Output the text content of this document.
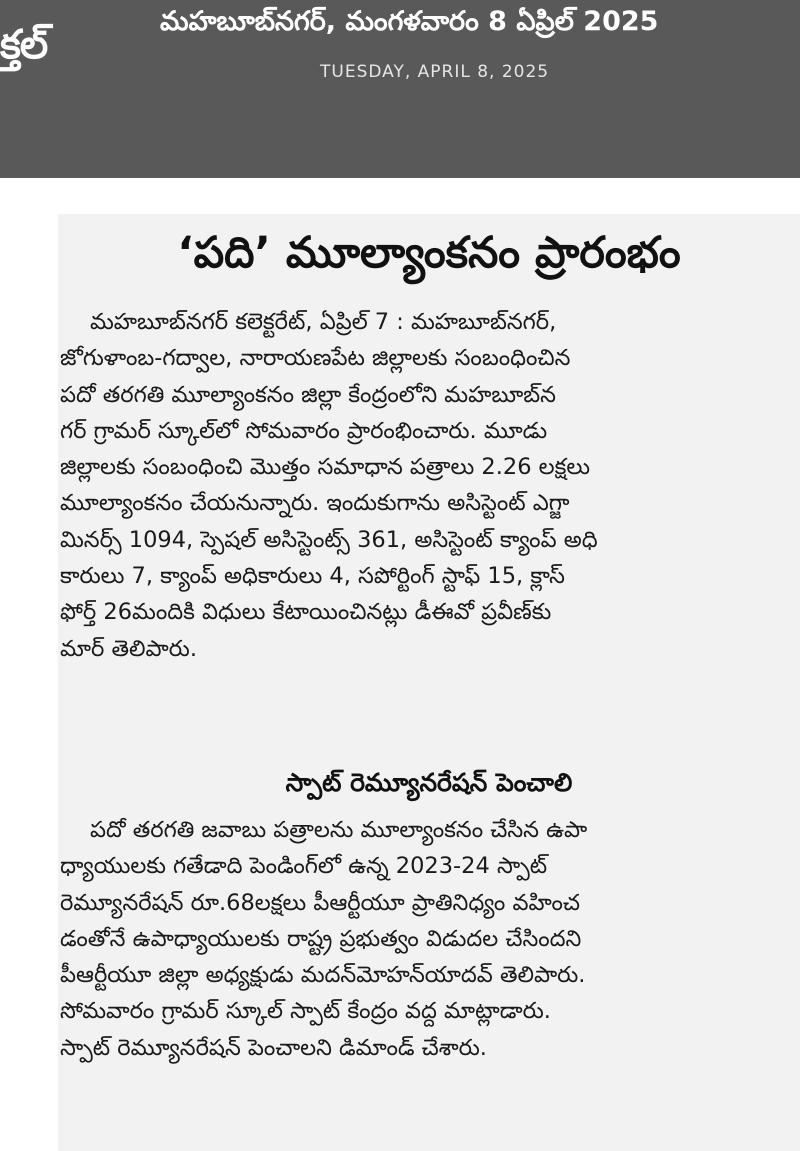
క్తల్
మహబూబ్‌నగర్‌, మంగళవారం 8 ఏప్రిల్‌ 2025
TUESDAY, APRIL 8, 2025
‘పది’ మూల్యాంకనం ప్రారంభం
మహబూబ్‌నగర్‌ కలెక్టరేట్‌, ఏప్రిల్‌ 7 : మహబూబ్‌నగర్‌,
జోగుళాంబ-గద్వాల, నారాయణపేట జిల్లాలకు సంబంధించిన
పదో తరగతి మూల్యాంకనం జిల్లా కేంద్రంలోని మహబూబ్‌న
గర్‌ గ్రామర్‌ స్కూల్‌లో సోమవారం ప్రారంభించారు. మూడు
జిల్లాలకు సంబంధించి మొత్తం సమాధాన పత్రాలు 2.26 లక్షలు
మూల్యాంకనం చేయనున్నారు. ఇందుకుగాను అసిస్టెంట్‌ ఎగ్జా
మినర్స్‌ 1094, స్పెషల్‌ అసిస్టెంట్స్‌ 361, అసిస్టెంట్‌ క్యాంప్‌ అధి
కారులు 7, క్యాంప్‌ అధికారులు 4, సపోర్టింగ్‌ స్టాఫ్‌ 15, క్లాస్‌
ఫోర్త్‌ 26మందికి విధులు కేటాయించినట్లు డీఈవో ప్రవీణ్‌కు
మార్‌ తెలిపారు.
స్పాట్‌ రెమ్యూనరేషన్‌ పెంచాలి
పదో తరగతి జవాబు పత్రాలను మూల్యాంకనం చేసిన ఉపా
ధ్యాయులకు గతేడాది పెండింగ్‌లో ఉన్న 2023-24 స్పాట్‌
రెమ్యూనరేషన్‌ రూ.68లక్షలు పీఆర్టీయూ ప్రాతినిధ్యం వహించ
డంతోనే ఉపాధ్యాయులకు రాష్ట్ర ప్రభుత్వం విడుదల చేసిందని
పీఆర్టీయూ జిల్లా అధ్యక్షుడు మదన్‌మోహన్‌యాదవ్‌ తెలిపారు.
సోమవారం గ్రామర్‌ స్కూల్‌ స్పాట్‌ కేంద్రం వద్ద మాట్లాడారు.
స్పాట్‌ రెమ్యూనరేషన్‌ పెంచాలని డిమాండ్‌ చేశారు.
